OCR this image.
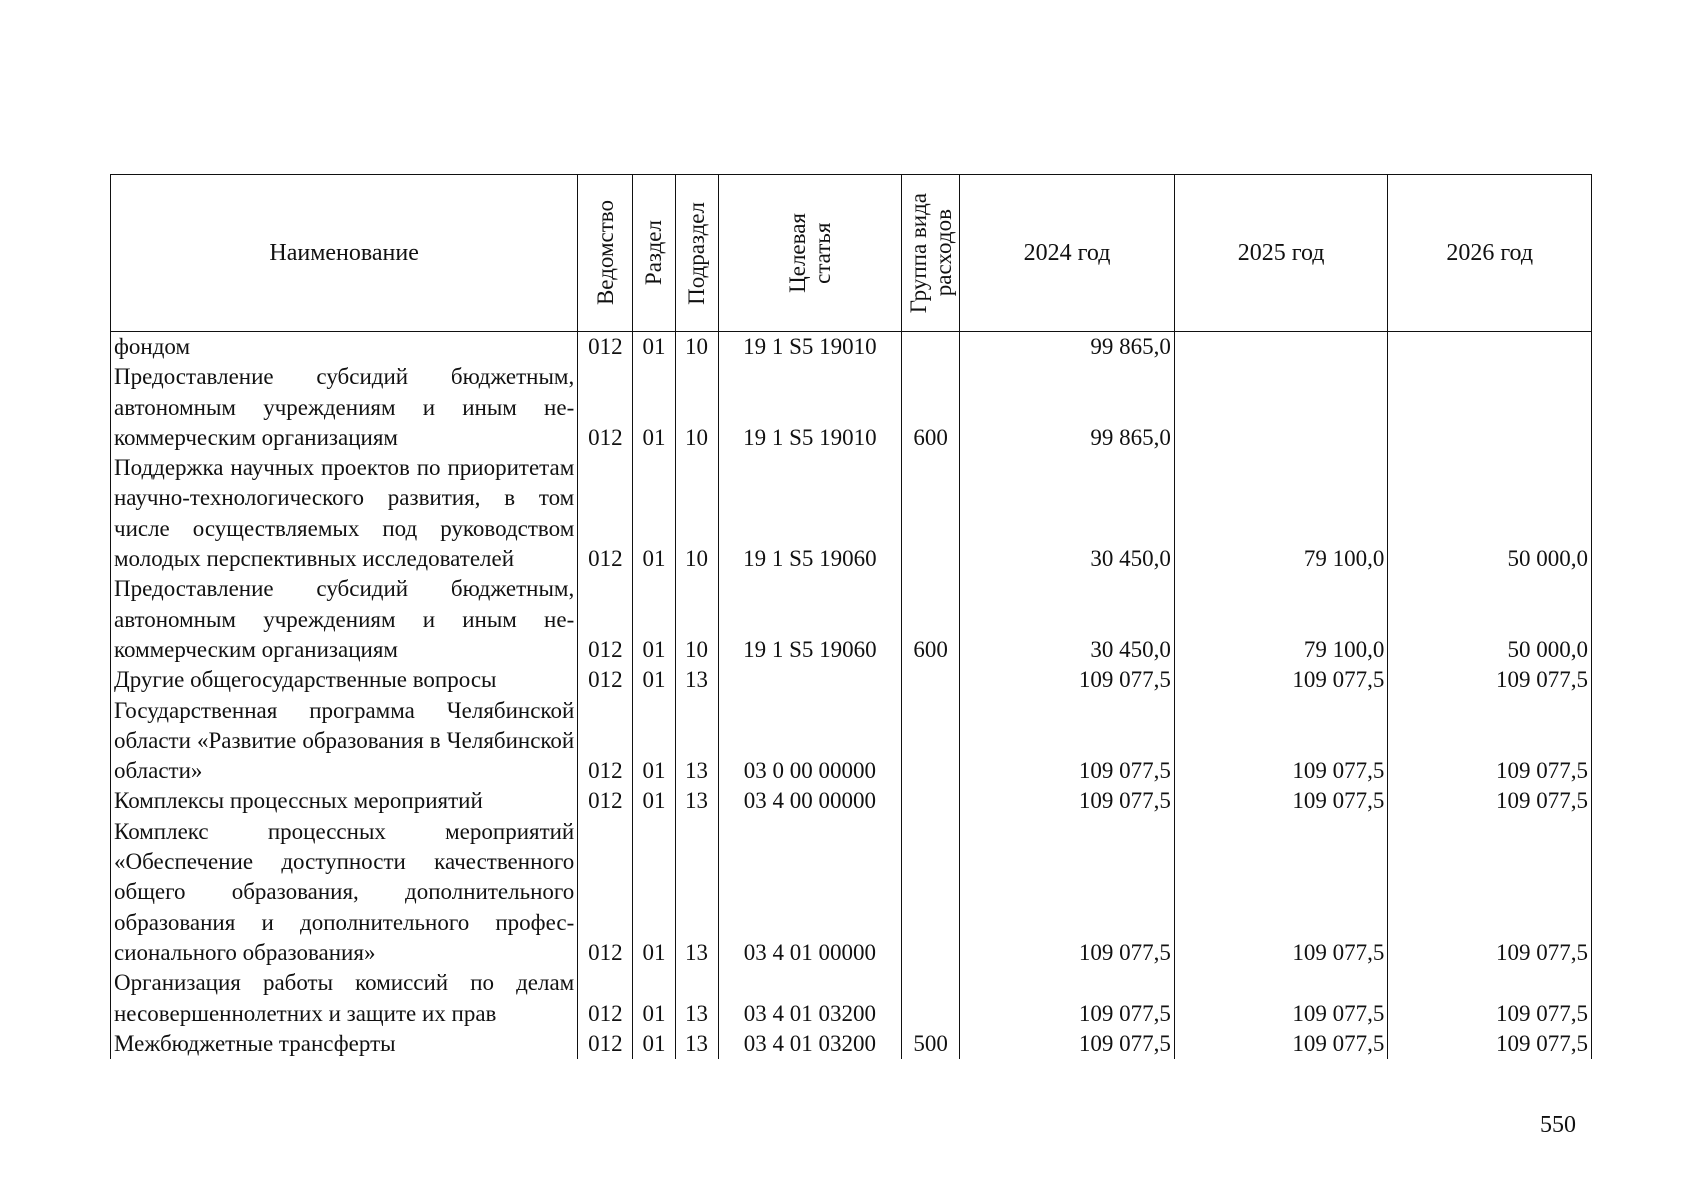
Наименование	Ведомство	Раздел	Подраздел	Целевая
статья	Группа вида
расходов	2024 год	2025 год	2026 год
фондом	012	01	10	19 1 S5 19010		99 865,0		
Предоставление субсидий бюджетным, автономным учреждениям и иным некоммерческим организациям	012	01	10	19 1 S5 19010	600	99 865,0		
Поддержка научных проектов по приоритетам научно-технологического развития, в том числе осуществляемых под руководством молодых перспективных исследователей	012	01	10	19 1 S5 19060		30 450,0	79 100,0	50 000,0
Предоставление субсидий бюджетным, автономным учреждениям и иным некоммерческим организациям	012	01	10	19 1 S5 19060	600	30 450,0	79 100,0	50 000,0
Другие общегосударственные вопросы	012	01	13			109 077,5	109 077,5	109 077,5
Государственная программа Челябинской области «Развитие образования в Челябинской области»	012	01	13	03 0 00 00000		109 077,5	109 077,5	109 077,5
Комплексы процессных мероприятий	012	01	13	03 4 00 00000		109 077,5	109 077,5	109 077,5
Комплекс процессных мероприятий «Обеспечение доступности качественного общего образования, дополнительного образования и дополнительного профессионального образования»	012	01	13	03 4 01 00000		109 077,5	109 077,5	109 077,5
Организация работы комиссий по делам несовершеннолетних и защите их прав	012	01	13	03 4 01 03200		109 077,5	109 077,5	109 077,5
Межбюджетные трансферты	012	01	13	03 4 01 03200	500	109 077,5	109 077,5	109 077,5
550
